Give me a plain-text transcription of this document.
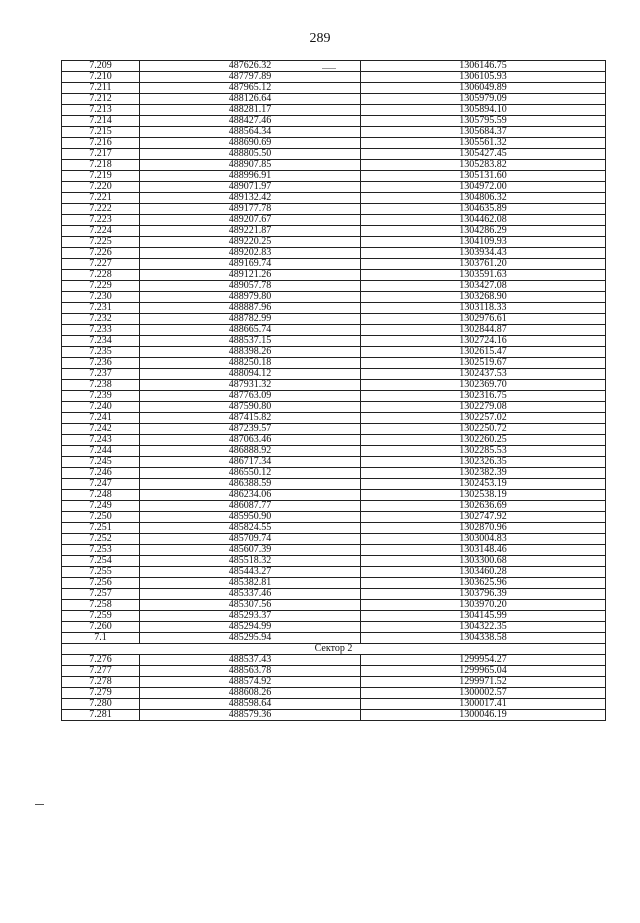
289
7.209	487626.32	1306146.75
7.210	487797.89	1306105.93
7.211	487965.12	1306049.89
7.212	488126.64	1305979.09
7.213	488281.17	1305894.10
7.214	488427.46	1305795.59
7.215	488564.34	1305684.37
7.216	488690.69	1305561.32
7.217	488805.50	1305427.45
7.218	488907.85	1305283.82
7.219	488996.91	1305131.60
7.220	489071.97	1304972.00
7.221	489132.42	1304806.32
7.222	489177.78	1304635.89
7.223	489207.67	1304462.08
7.224	489221.87	1304286.29
7.225	489220.25	1304109.93
7.226	489202.83	1303934.43
7.227	489169.74	1303761.20
7.228	489121.26	1303591.63
7.229	489057.78	1303427.08
7.230	488979.80	1303268.90
7.231	488887.96	1303118.33
7.232	488782.99	1302976.61
7.233	488665.74	1302844.87
7.234	488537.15	1302724.16
7.235	488398.26	1302615.47
7.236	488250.18	1302519.67
7.237	488094.12	1302437.53
7.238	487931.32	1302369.70
7.239	487763.09	1302316.75
7.240	487590.80	1302279.08
7.241	487415.82	1302257.02
7.242	487239.57	1302250.72
7.243	487063.46	1302260.25
7.244	486888.92	1302285.53
7.245	486717.34	1302326.35
7.246	486550.12	1302382.39
7.247	486388.59	1302453.19
7.248	486234.06	1302538.19
7.249	486087.77	1302636.69
7.250	485950.90	1302747.92
7.251	485824.55	1302870.96
7.252	485709.74	1303004.83
7.253	485607.39	1303148.46
7.254	485518.32	1303300.68
7.255	485443.27	1303460.28
7.256	485382.81	1303625.96
7.257	485337.46	1303796.39
7.258	485307.56	1303970.20
7.259	485293.37	1304145.99
7.260	485294.99	1304322.35
7.1	485295.94	1304338.58
Сектор 2		
7.276	488537.43	1299954.27
7.277	488563.78	1299965.04
7.278	488574.92	1299971.52
7.279	488608.26	1300002.57
7.280	488598.64	1300017.41
7.281	488579.36	1300046.19
